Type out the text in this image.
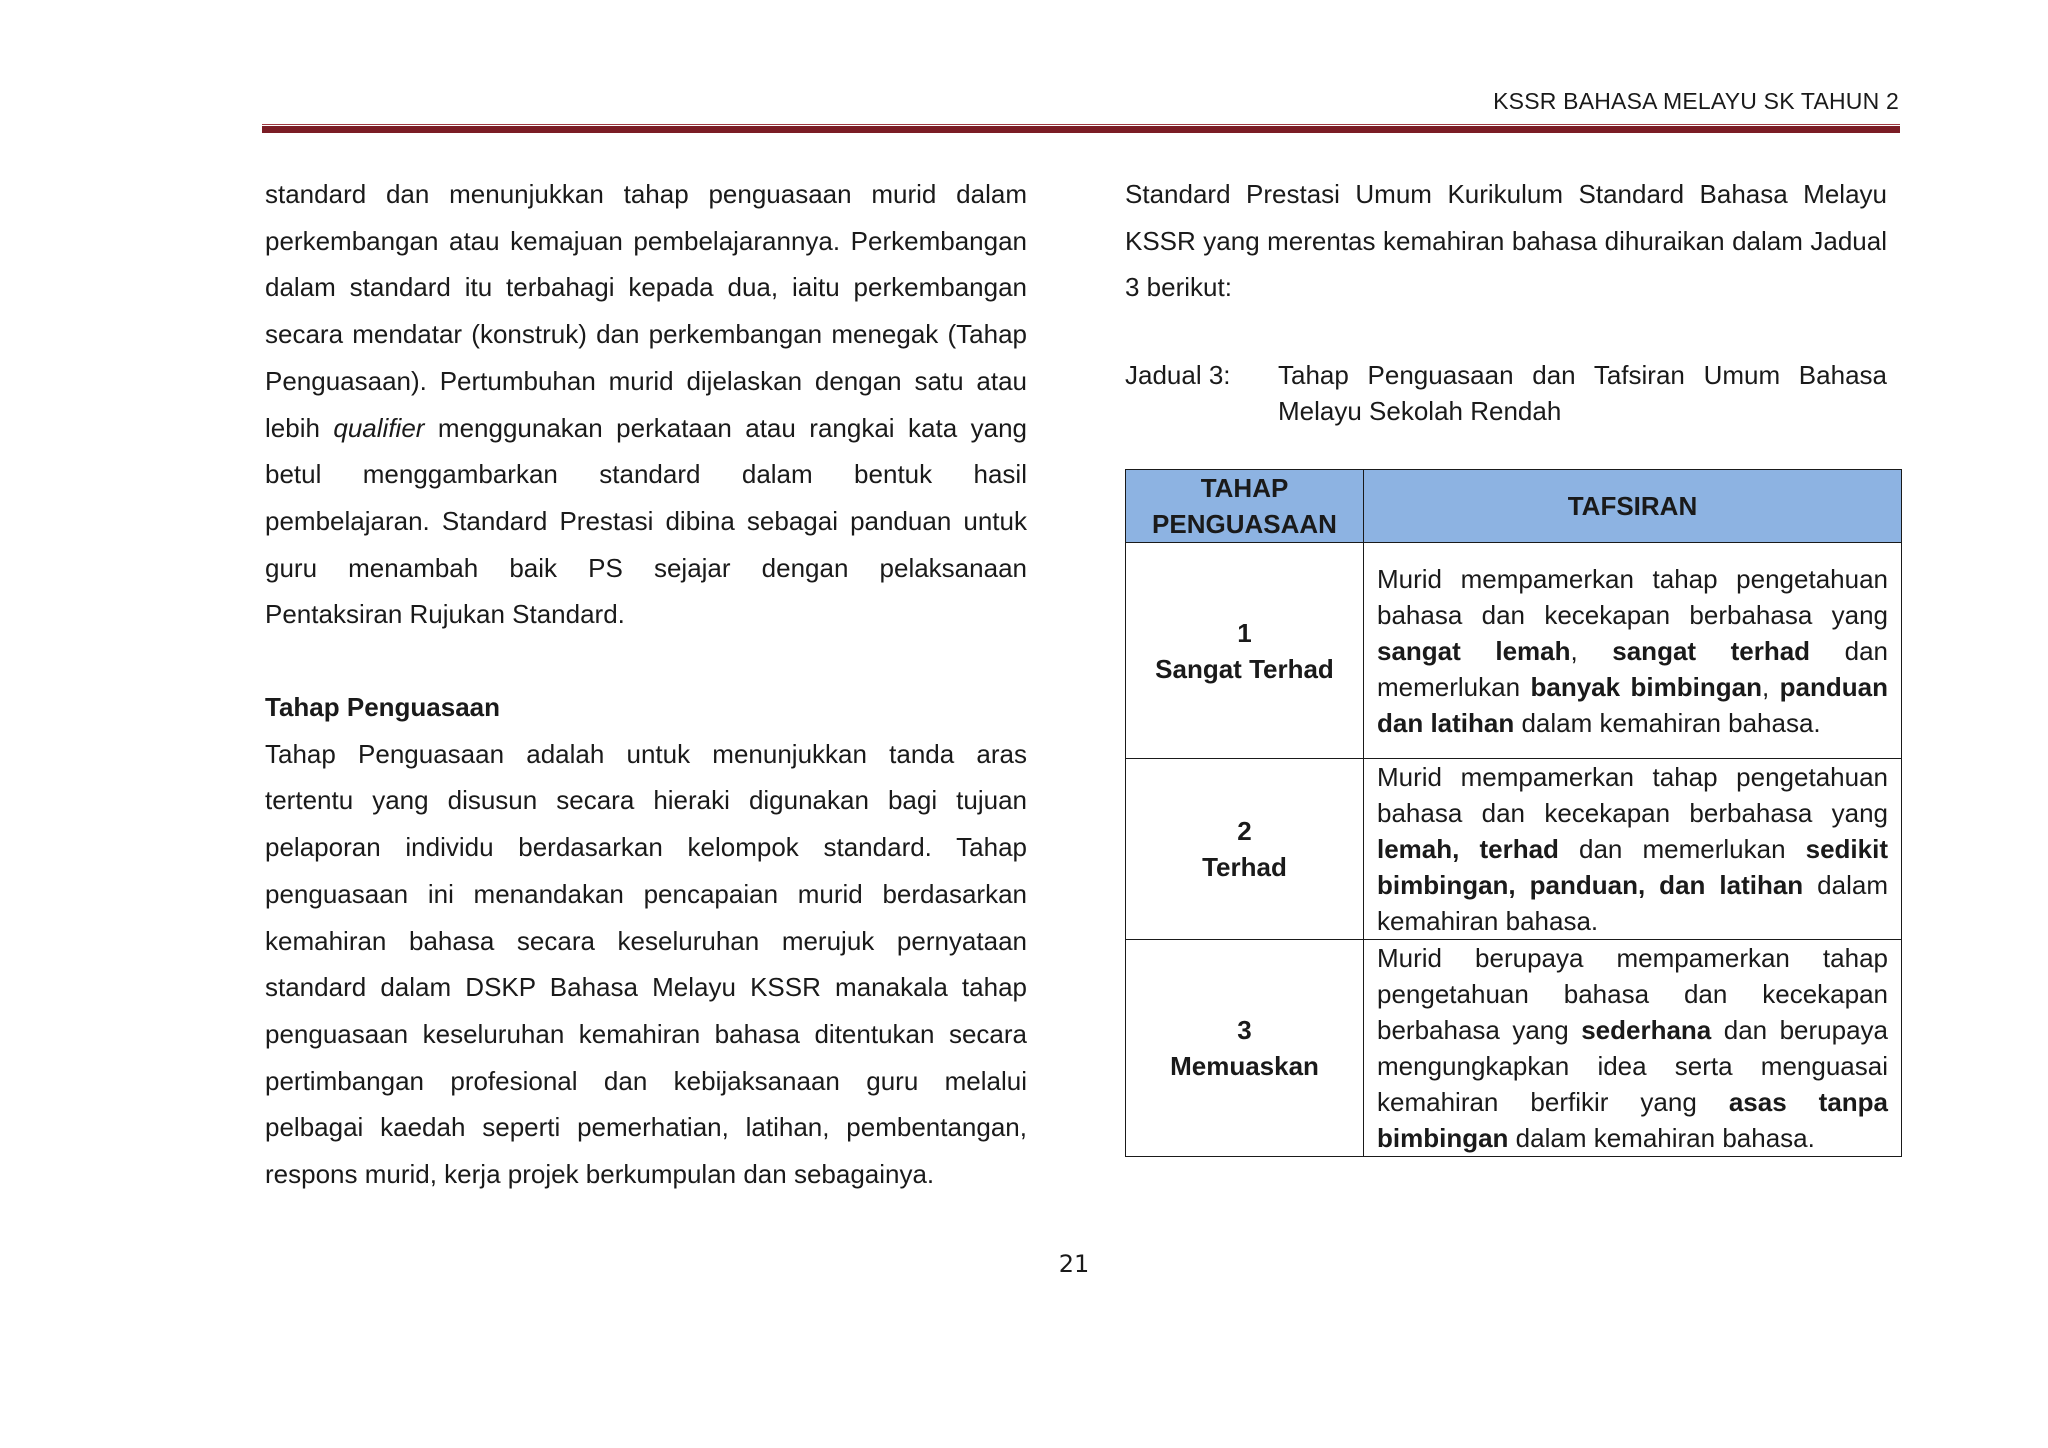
KSSR BAHASA MELAYU SK TAHUN 2

standard dan menunjukkan tahap penguasaan murid dalam perkembangan atau kemajuan pembelajarannya. Perkembangan dalam standard itu terbahagi kepada dua, iaitu perkembangan secara mendatar (konstruk) dan perkembangan menegak (Tahap Penguasaan). Pertumbuhan murid dijelaskan dengan satu atau lebih qualifier menggunakan perkataan atau rangkai kata yang betul menggambarkan standard dalam bentuk hasil pembelajaran. Standard Prestasi dibina sebagai panduan untuk guru menambah baik PS sejajar dengan pelaksanaan Pentaksiran Rujukan Standard.

Tahap Penguasaan

Tahap Penguasaan adalah untuk menunjukkan tanda aras tertentu yang disusun secara hieraki digunakan bagi tujuan pelaporan individu berdasarkan kelompok standard. Tahap penguasaan ini menandakan pencapaian murid berdasarkan kemahiran bahasa secara keseluruhan merujuk pernyataan standard dalam DSKP Bahasa Melayu KSSR manakala tahap penguasaan keseluruhan kemahiran bahasa ditentukan secara pertimbangan profesional dan kebijaksanaan guru melalui pelbagai kaedah seperti pemerhatian, latihan, pembentangan, respons murid, kerja projek berkumpulan dan sebagainya.

Standard Prestasi Umum Kurikulum Standard Bahasa Melayu KSSR yang merentas kemahiran bahasa dihuraikan dalam Jadual 3 berikut:

Jadual 3:	Tahap Penguasaan dan Tafsiran Umum Bahasa Melayu Sekolah Rendah
TAHAP PENGUASAAN	TAFSIRAN

1
Sangat Terhad	Murid mempamerkan tahap pengetahuan bahasa dan kecekapan berbahasa yang sangat lemah, sangat terhad dan memerlukan banyak bimbingan, panduan dan latihan dalam kemahiran bahasa.

2
Terhad	Murid mempamerkan tahap pengetahuan bahasa dan kecekapan berbahasa yang lemah, terhad dan memerlukan sedikit bimbingan, panduan, dan latihan dalam kemahiran bahasa.

3
Memuaskan	Murid berupaya mempamerkan tahap pengetahuan bahasa dan kecekapan berbahasa yang sederhana dan berupaya mengungkapkan idea serta menguasai kemahiran berfikir yang asas tanpa bimbingan dalam kemahiran bahasa.
21
